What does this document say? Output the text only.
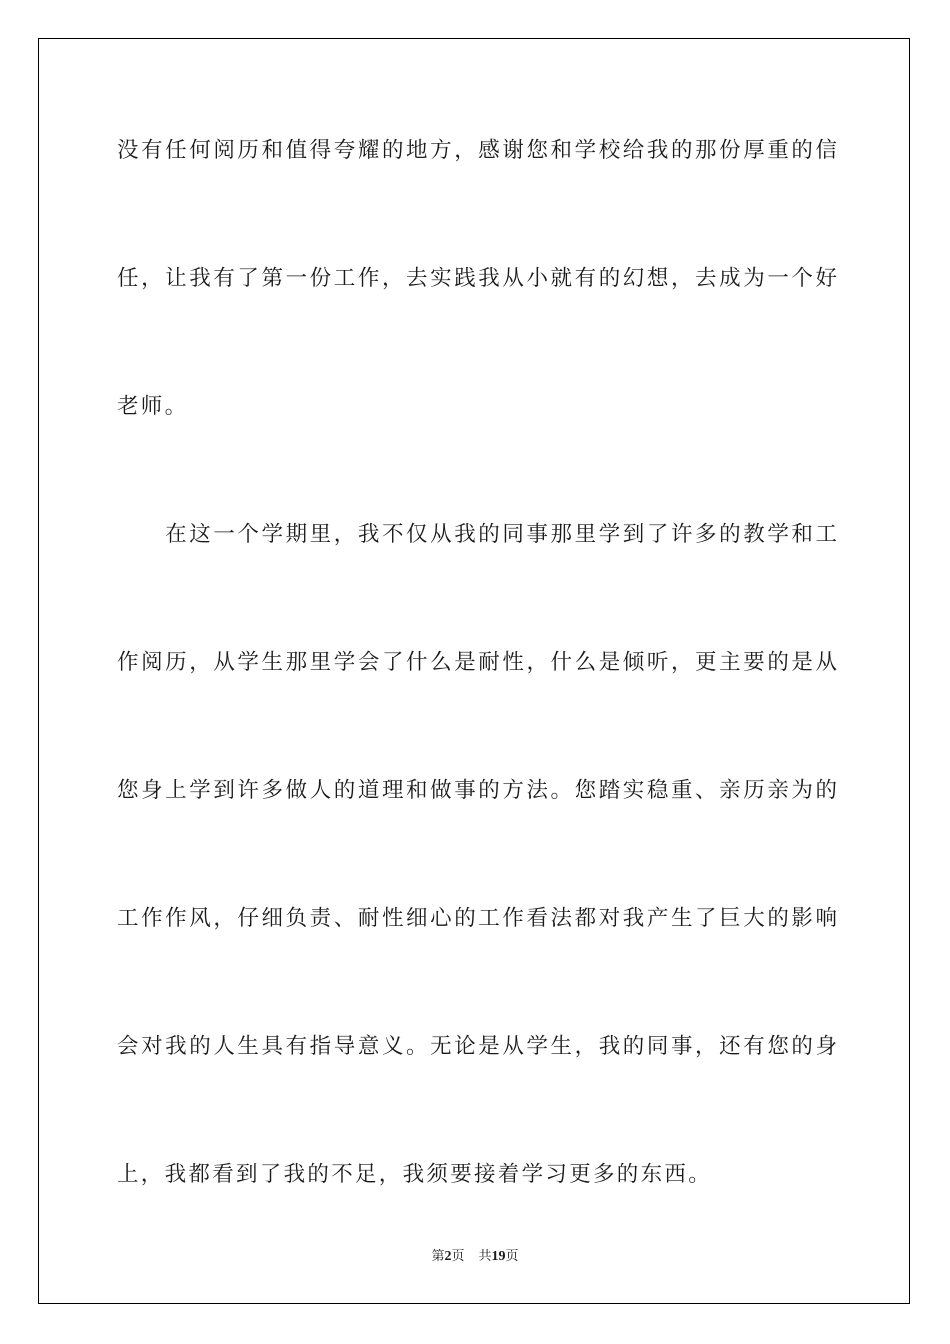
没有任何阅历和值得夸耀的地方，感谢您和学校给我的那份厚重的信
任，让我有了第一份工作，去实践我从小就有的幻想，去成为一个好
老师。
　　在这一个学期里，我不仅从我的同事那里学到了许多的教学和工
作阅历，从学生那里学会了什么是耐性，什么是倾听，更主要的是从
您身上学到许多做人的道理和做事的方法。您踏实稳重、亲历亲为的
工作作风，仔细负责、耐性细心的工作看法都对我产生了巨大的影响
会对我的人生具有指导意义。无论是从学生，我的同事，还有您的身
上，我都看到了我的不足，我须要接着学习更多的东西。
第2页 共19页
